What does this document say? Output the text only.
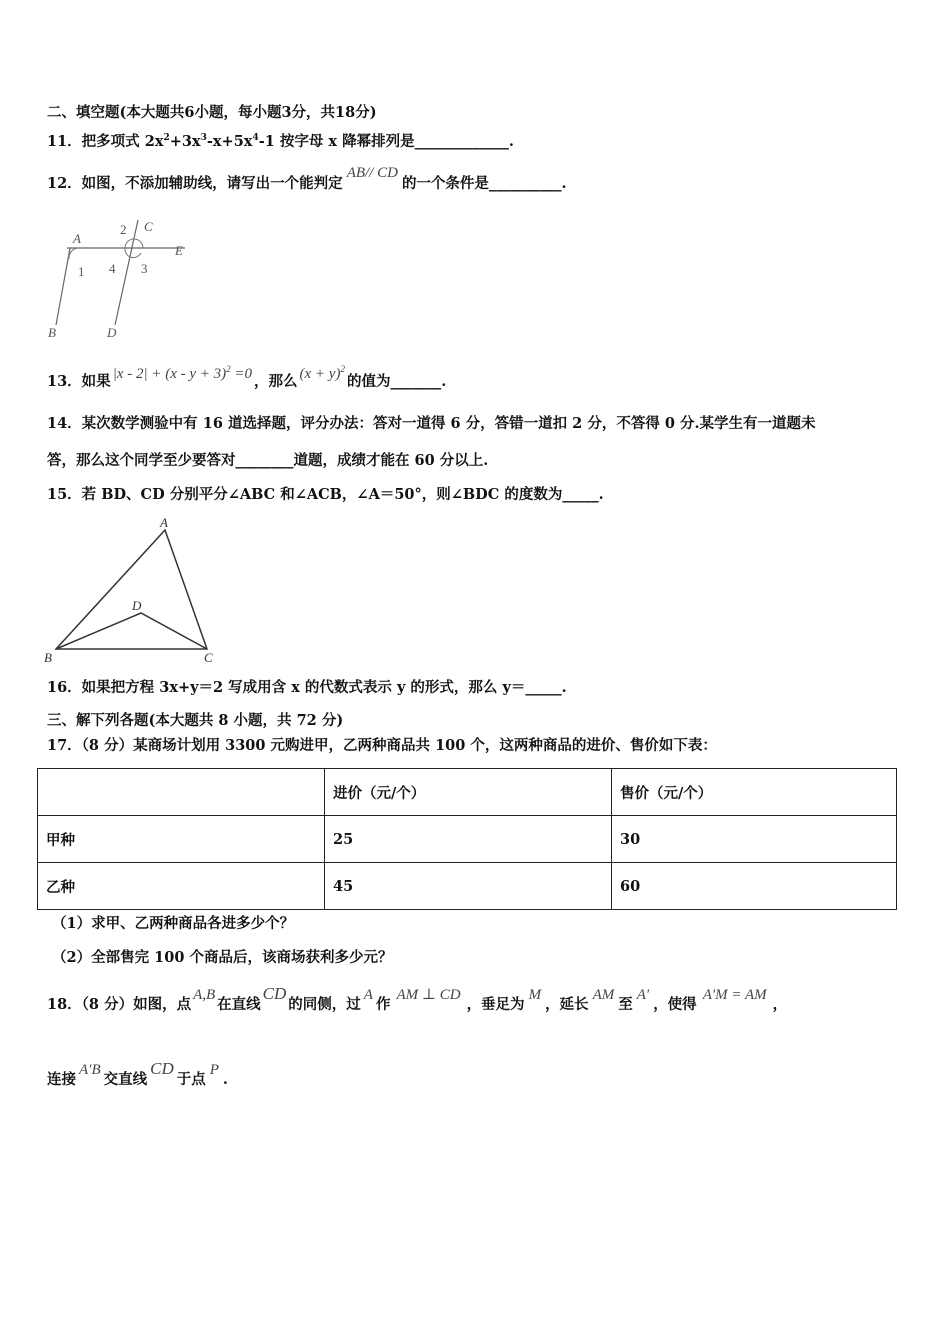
二、填空题(本大题共6小题，每小题3分，共18分)
11．把多项式 $2x^2+3x^3-x+5x^4-1$ 按字母 x 降幂排列是_____________.
12．如图，不添加辅助线，请写出一个能判定AB// CD的一个条件是__________.
A
2 C
E
1 4 3
B	D
13．如果 $|x - 2| + (x - y + 3)^2 =0$ ，那么 $(x + y)^2$的值为_______.
14．某次数学测验中有 16 道选择题，评分办法：答对一道得 6 分，答错一道扣 2 分，不答得 0 分.某学生有一道题未
答，那么这个同学至少要答对________道题，成绩才能在 60 分以上.
15．若 BD、CD 分别平分∠ABC 和∠ACB，∠A＝50°，则∠BDC 的度数为_____.
A
D
B	C
16．如果把方程 3x+y＝2 写成用含 x 的代数式表示 y 的形式，那么 y＝_____.
三、解下列各题(本大题共 8 小题，共 72 分)
17．（8 分）某商场计划用 3300 元购进甲，乙两种商品共 100 个，这两种商品的进价、售价如下表：
	进价（元/个）	售价（元/个）
甲种	25	30
乙种	45	60
（1）求甲、乙两种商品各进多少个？
（2）全部售完 100 个商品后，该商场获利多少元？
18．（8 分）如图，点A,B在直线CD的同侧，过A作AM ⊥ CD，垂足为M，延长AM至A′，使得A′M = AM，
连接A′B交直线CD于点P.
